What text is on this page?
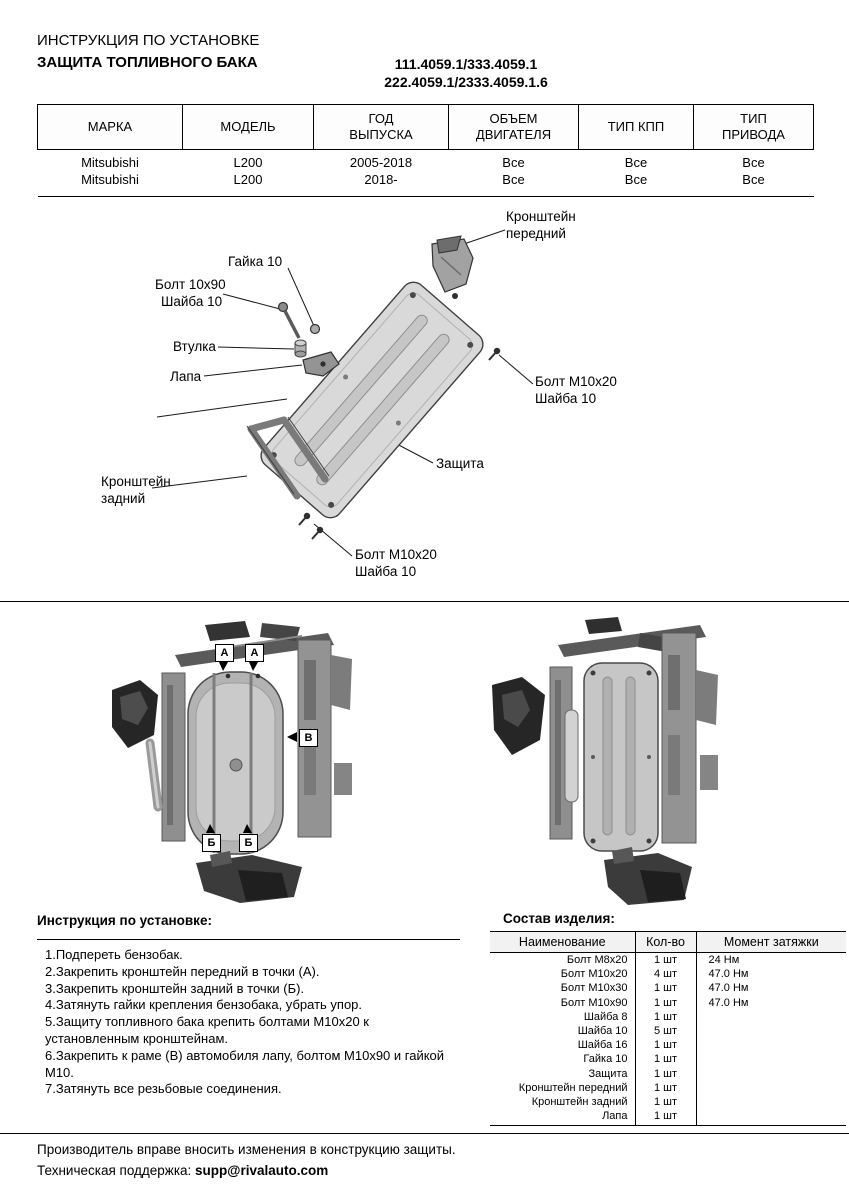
ИНСТРУКЦИЯ ПО УСТАНОВКЕ
ЗАЩИТА ТОПЛИВНОГО БАКА	111.4059.1/333.4059.1
222.4059.1/2333.4059.1.6
МАРКА	МОДЕЛЬ	ГОД ВЫПУСКА	ОБЪЕМ ДВИГАТЕЛЯ	ТИП КПП	ТИП ПРИВОДА
Mitsubishi	L200	2005-2018	Все	Все	Все
Mitsubishi	L200	2018-	Все	Все	Все
Кронштейн передний
Гайка 10
Болт 10х90
Шайба 10
Втулка
Лапа	Болт М10х20
Шайба 10
Защита
Кронштейн задний
Болт М10х20
Шайба 10
А	А
В
Б	Б
Инструкция по установке:
1.Подпереть бензобак.
2.Закрепить кронштейн передний в точки (А).
3.Закрепить кронштейн задний в точки (Б).
4.Затянуть гайки крепления бензобака, убрать упор.
5.Защиту топливного бака крепить болтами М10х20 к установленным кронштейнам.
6.Закрепить к раме (В) автомобиля лапу, болтом М10х90 и гайкой М10.
7.Затянуть все резьбовые соединения.
Состав изделия:
Наименование	Кол-во	Момент затяжки
Болт М8х20	1 шт	24 Нм
Болт М10х20	4 шт	47.0 Нм
Болт М10х30	1 шт	47.0 Нм
Болт М10х90	1 шт	47.0 Нм
Шайба 8	1 шт	
Шайба 10	5 шт	
Шайба 16	1 шт	
Гайка 10	1 шт	
Защита	1 шт	
Кронштейн передний	1 шт	
Кронштейн задний	1 шт	
Лапа	1 шт	
Производитель вправе вносить изменения в конструкцию защиты.
Техническая поддержка: supp@rivalauto.com
